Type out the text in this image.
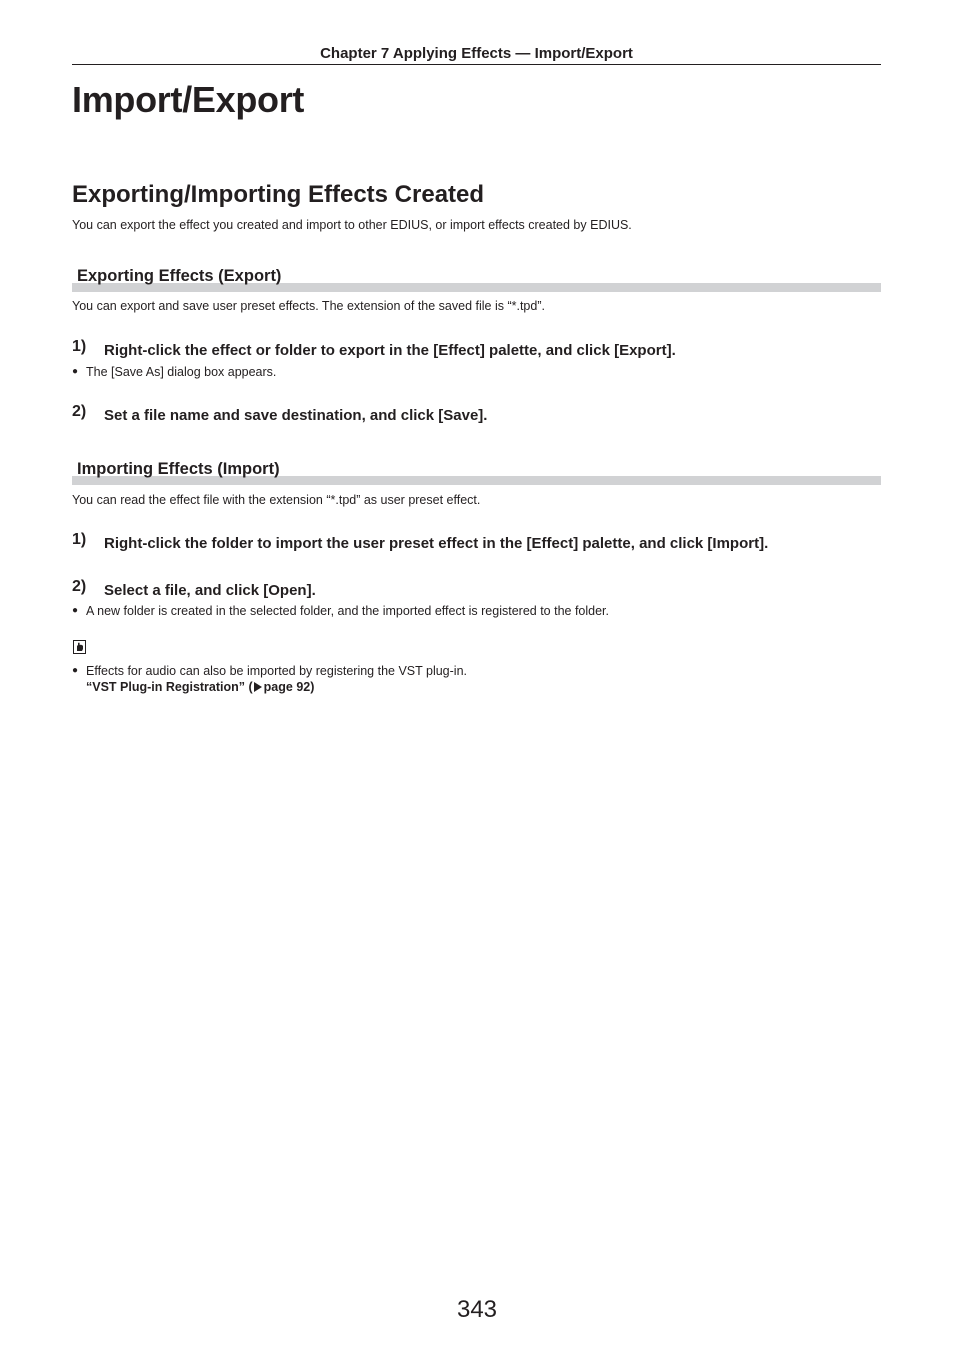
Chapter 7 Applying Effects — Import/Export
Import/Export
Exporting/Importing Effects Created
You can export the effect you created and import to other EDIUS, or import effects created by EDIUS.
Exporting Effects (Export)
You can export and save user preset effects. The extension of the saved file is “*.tpd”.
1) Right-click the effect or folder to export in the [Effect] palette, and click [Export].
● The [Save As] dialog box appears.
2) Set a file name and save destination, and click [Save].
Importing Effects (Import)
You can read the effect file with the extension “*.tpd” as user preset effect.
1) Right-click the folder to import the user preset effect in the [Effect] palette, and click [Import].
2) Select a file, and click [Open].
● A new folder is created in the selected folder, and the imported effect is registered to the folder.
● Effects for audio can also be imported by registering the VST plug-in.
“VST Plug-in Registration” ( page 92)
343
